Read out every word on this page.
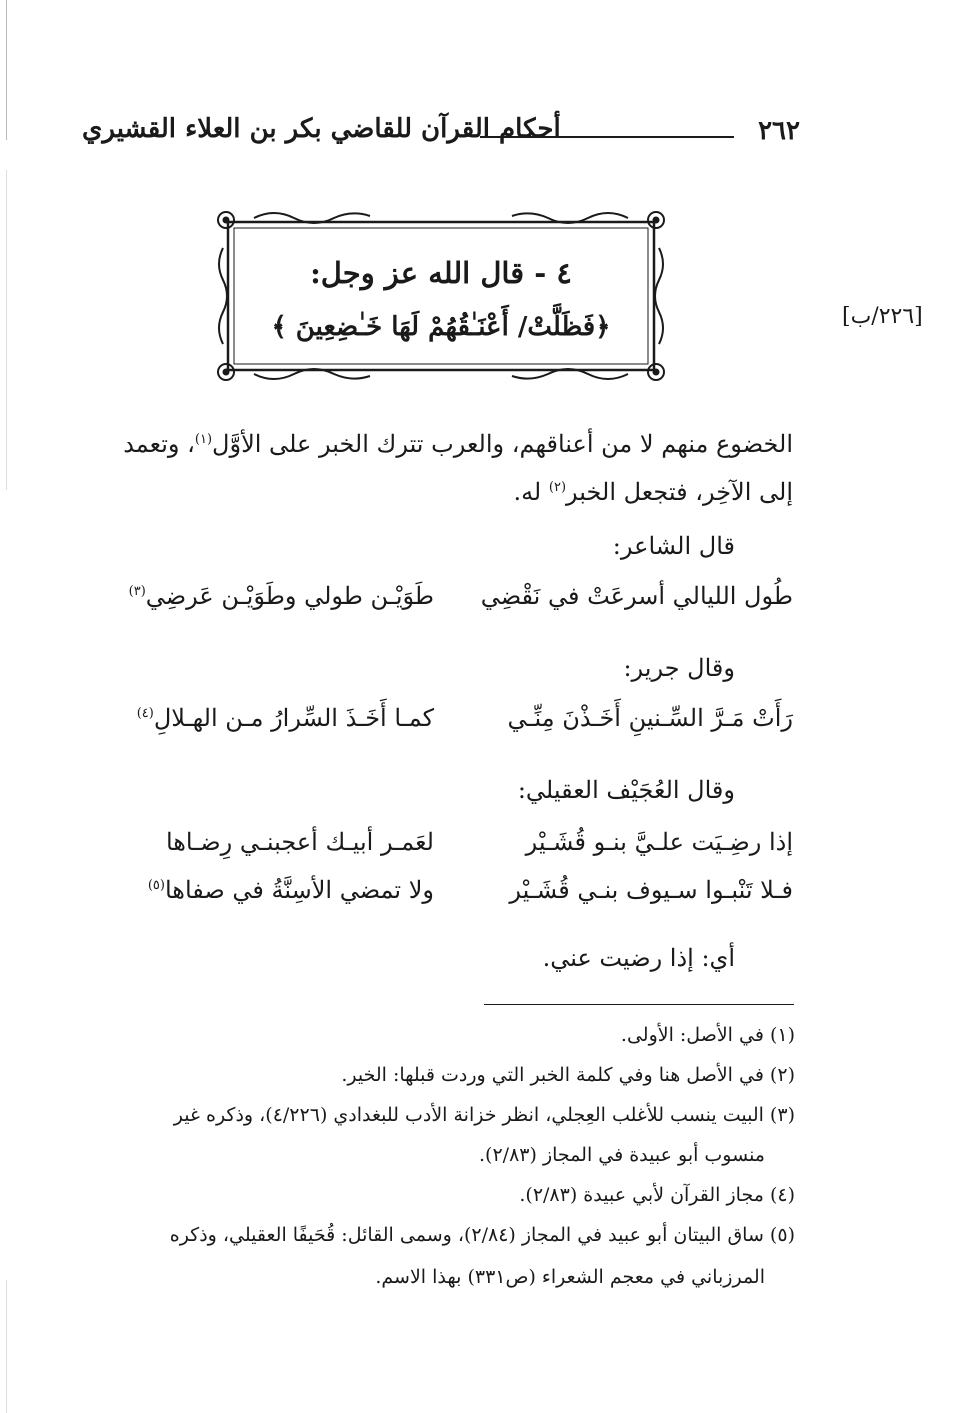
٢٦٢
أحكام القرآن للقاضي بكر بن العلاء القشيري
٤ - قال الله عز وجل:
﴿فَظَلَّتْ/ أَعْنَـٰقُهُمْ لَهَا خَـٰضِعِينَ ﴾	[٢٢٦/ب]
الخضوع منهم لا من أعناقهم، والعرب تترك الخبر على الأوَّل$^{(١)}$، وتعمد
إلى الآخِر، فتجعل الخبر$^{(٢)}$ له.
قال الشاعر:
طُول الليالي أسرعَتْ في نَقْضِي
طَوَيْـن طولي وطَوَيْـن عَرضِي$^{(٣)}$
وقال جرير:
رَأَتْ مَـرَّ السِّـنينِ أَخَـذْنَ مِنِّـي
كمـا أَخَـذَ السِّرارُ مـن الهـلالِ$^{(٤)}$
وقال العُجَيْف العقيلي:
إذا رضِـيَت علـيَّ بنـو قُشَـيْر
لعَمـر أبيـك أعجبنـي رِضـاها
فـلا تَنْبـوا سـيوف بنـي قُشَـيْر
ولا تمضي الأسِنَّةُ في صفاها$^{(٥)}$
أي: إذا رضيت عني.
(١) في الأصل: الأولى.
(٢) في الأصل هنا وفي كلمة الخبر التي وردت قبلها: الخير.
(٣) البيت ينسب للأغلب العِجلي، انظر خزانة الأدب للبغدادي (٤/٢٢٦)، وذكره غير
منسوب أبو عبيدة في المجاز (٢/٨٣).
(٤) مجاز القرآن لأبي عبيدة (٢/٨٣).
(٥) ساق البيتان أبو عبيد في المجاز (٢/٨٤)، وسمى القائل: قُحَيفًا العقيلي، وذكره
المرزباني في معجم الشعراء (ص٣٣١) بهذا الاسم.
